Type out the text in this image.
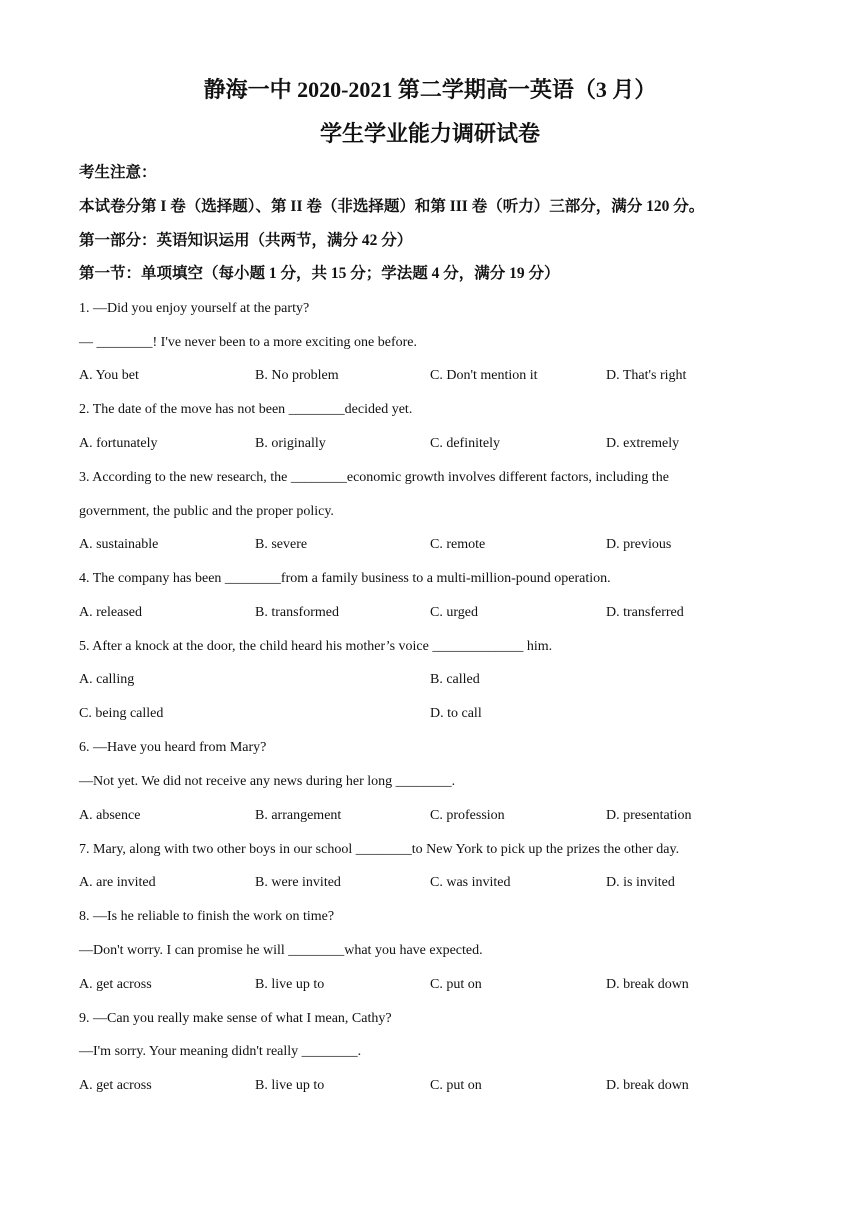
静海一中 2020-2021 第二学期高一英语（3 月）
学生学业能力调研试卷
考生注意：
本试卷分第 I 卷（选择题）、第 II 卷（非选择题）和第 III 卷（听力）三部分，满分 120 分。
第一部分：英语知识运用（共两节，满分 42 分）
第一节：单项填空（每小题 1 分，共 15 分；学法题 4 分，满分 19 分）
1. —Did you enjoy yourself at the party?
— ________! I've never been to a more exciting one before.
A. You bet	B. No problem	C. Don't mention it	D. That's right
2. The date of the move has not been ________decided yet.
A. fortunately	B. originally	C. definitely	D. extremely
3. According to the new research, the ________economic growth involves different factors, including the
government, the public and the proper policy.
A. sustainable	B. severe	C. remote	D. previous
4. The company has been ________from a family business to a multi-million-pound operation.
A. released	B. transformed	C. urged	D. transferred
5. After a knock at the door, the child heard his mother’s voice _____________ him.
A. calling	B. called
C. being called	D. to call
6. —Have you heard from Mary?
—Not yet. We did not receive any news during her long ________.
A. absence	B. arrangement	C. profession	D. presentation
7. Mary, along with two other boys in our school ________to New York to pick up the prizes the other day.
A. are invited	B. were invited	C. was invited	D. is invited
8. —Is he reliable to finish the work on time?
—Don't worry. I can promise he will ________what you have expected.
A. get across	B. live up to	C. put on	D. break down
9. —Can you really make sense of what I mean, Cathy?
—I'm sorry. Your meaning didn't really ________.
A. get across	B. live up to	C. put on	D. break down
